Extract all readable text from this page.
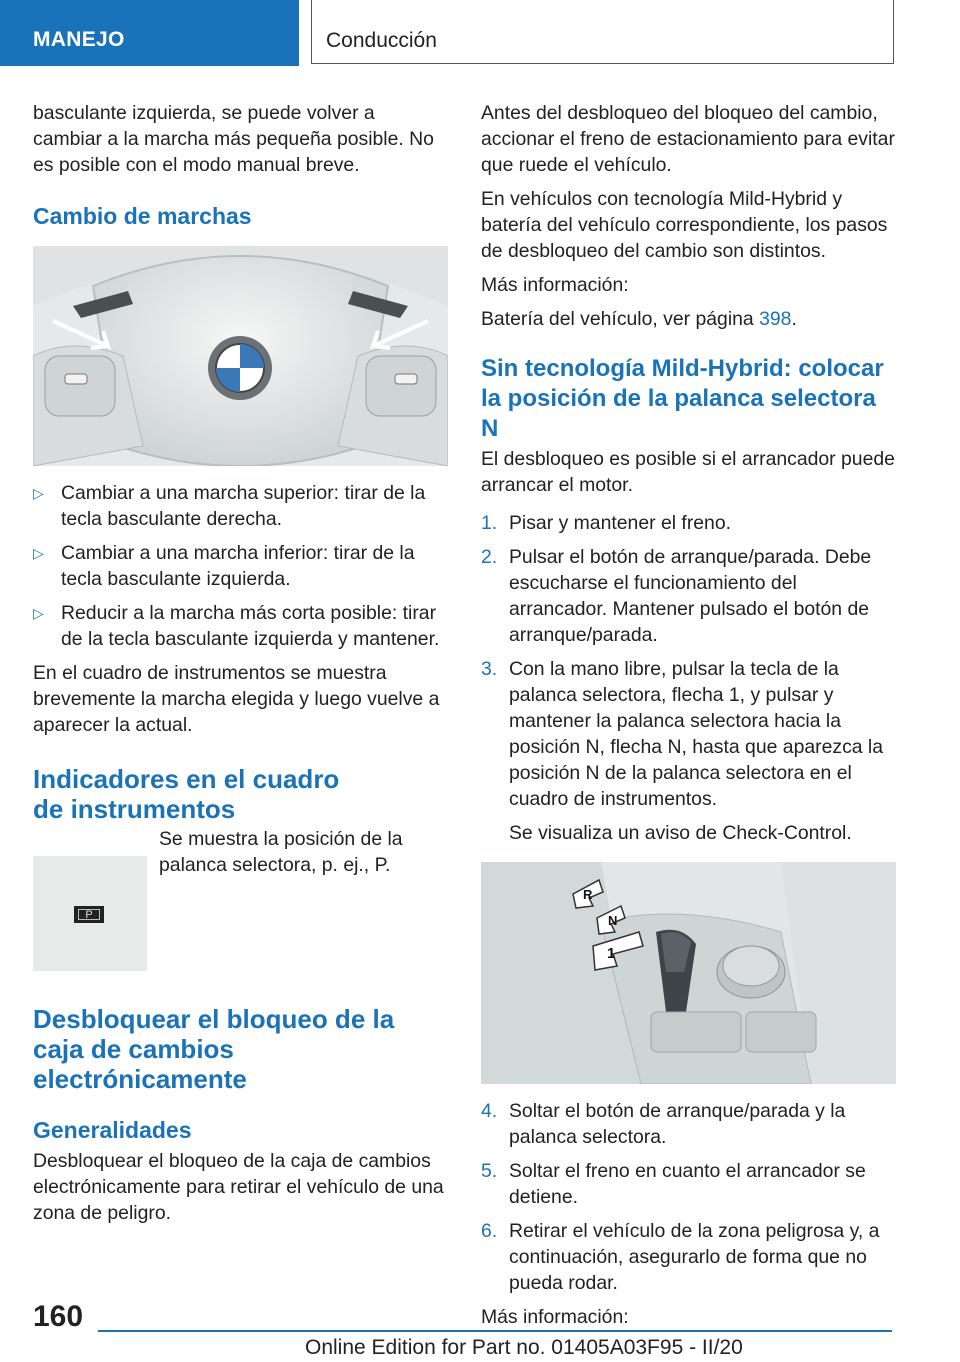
MANEJO	Conducción

basculante izquierda, se puede volver a cambiar a la marcha más pequeña posible. No es posible con el modo manual breve.

Cambio de marchas
▷ Cambiar a una marcha superior: tirar de la tecla basculante derecha.
▷ Cambiar a una marcha inferior: tirar de la tecla basculante izquierda.
▷ Reducir a la marcha más corta posible: tirar de la tecla basculante izquierda y mantener.

En el cuadro de instrumentos se muestra brevemente la marcha elegida y luego vuelve a aparecer la actual.

Indicadores en el cuadro
de instrumentos
P

Se muestra la posición de la palanca selectora, p. ej., P.

Desbloquear el bloqueo de la
caja de cambios
electrónicamente
Generalidades

Desbloquear el bloqueo de la caja de cambios electrónicamente para retirar el vehículo de una zona de peligro.

Antes del desbloqueo del bloqueo del cambio, accionar el freno de estacionamiento para evitar que ruede el vehículo.

En vehículos con tecnología Mild-Hybrid y batería del vehículo correspondiente, los pasos de desbloqueo del cambio son distintos.

Más información:

Batería del vehículo, ver página 398.

Sin tecnología Mild-Hybrid: colocar
la posición de la palanca selectora N

El desbloqueo es posible si el arrancador puede arrancar el motor.

1. Pisar y mantener el freno.
2. Pulsar el botón de arranque/parada. Debe escucharse el funcionamiento del arrancador. Mantener pulsado el botón de arranque/parada.
3. Con la mano libre, pulsar la tecla de la palanca selectora, flecha 1, y pulsar y mantener la palanca selectora hacia la posición N, flecha N, hasta que aparezca la posición N de la palanca selectora en el cuadro de instrumentos.

Se visualiza un aviso de Check-Control.

R
N
1
4. Soltar el botón de arranque/parada y la palanca selectora.
5. Soltar el freno en cuanto el arrancador se detiene.
6. Retirar el vehículo de la zona peligrosa y, a continuación, asegurarlo de forma que no pueda rodar.

Más información:

160
Online Edition for Part no. 01405A03F95 - II/20
